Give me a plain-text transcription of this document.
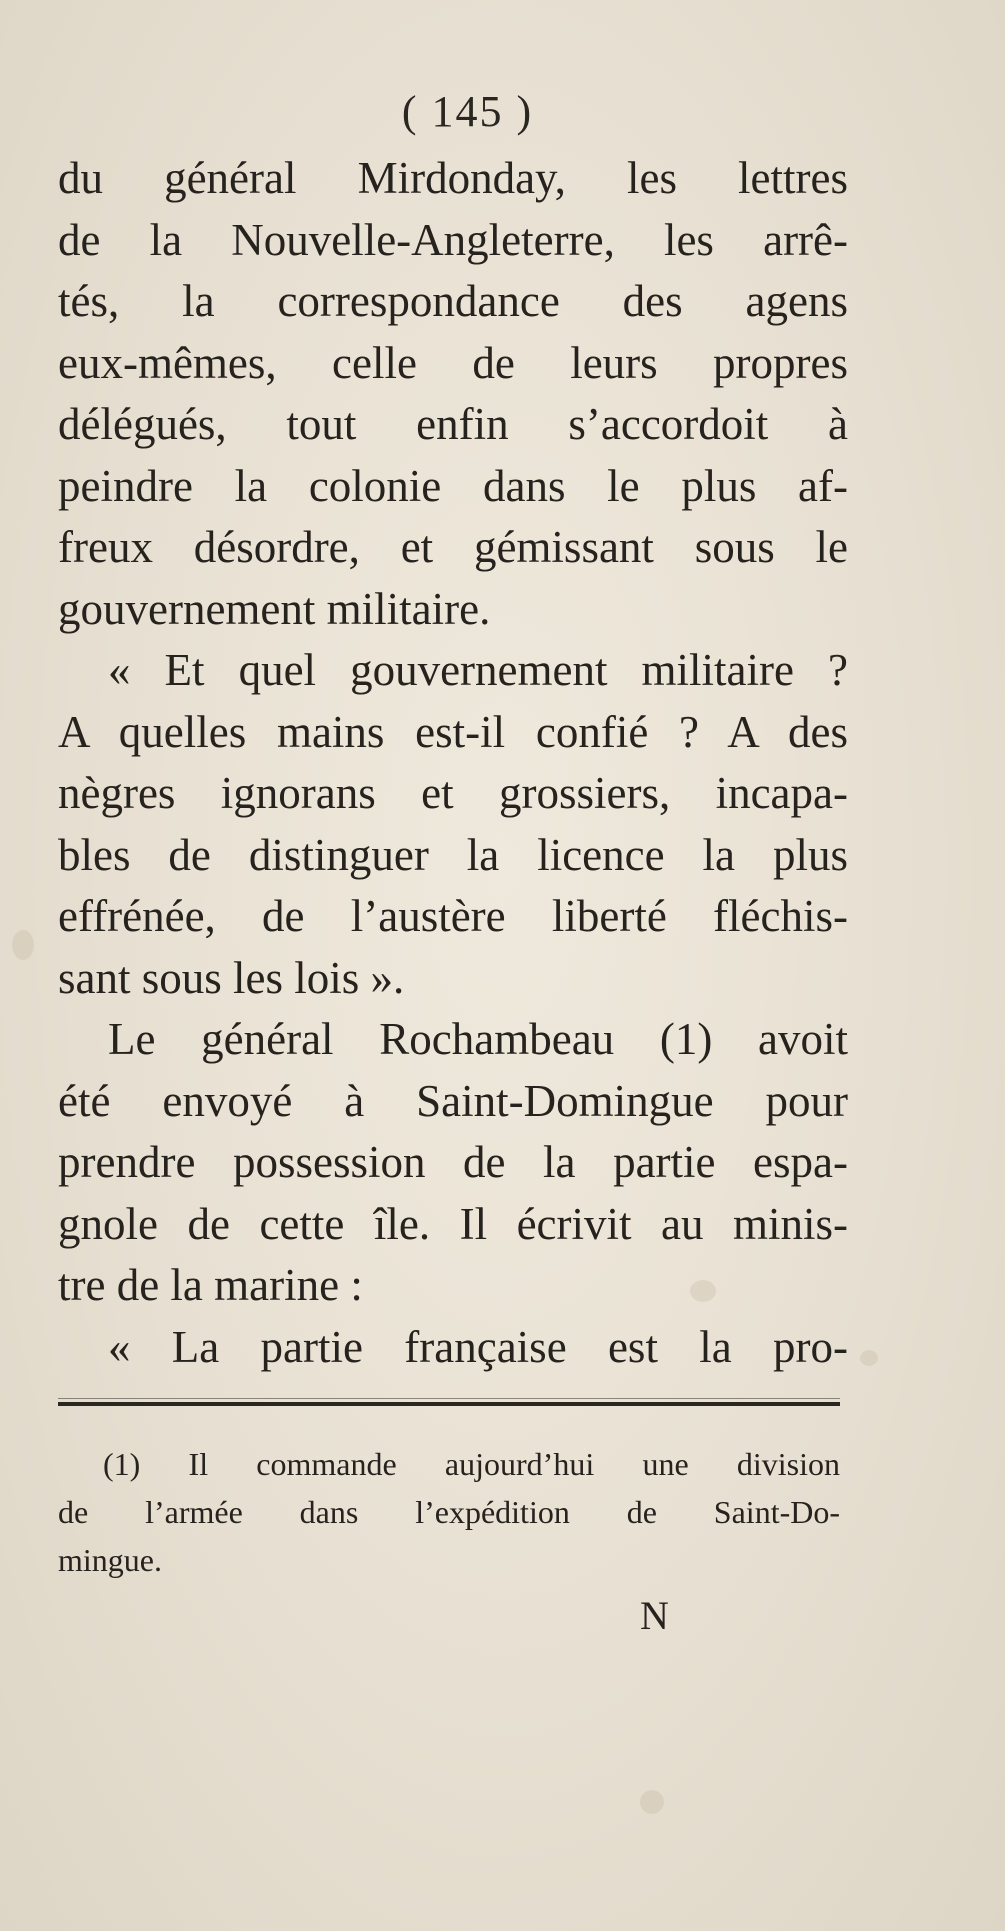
( 145 )
du général Mirdonday, les lettres
de la Nouvelle-Angleterre, les arrê-
tés, la correspondance des agens
eux-mêmes, celle de leurs propres
délégués, tout enfin s’accordoit à
peindre la colonie dans le plus af-
freux désordre, et gémissant sous le
gouvernement militaire.
« Et quel gouvernement militaire ?
A quelles mains est-il confié ? A des
nègres ignorans et grossiers, incapa-
bles de distinguer la licence la plus
effrénée, de l’austère liberté fléchis-
sant sous les lois ».
Le général Rochambeau (1) avoit
été envoyé à Saint-Domingue pour
prendre possession de la partie espa-
gnole de cette île. Il écrivit au minis-
tre de la marine :
« La partie française est la pro-
(1) Il commande aujourd’hui une division
de l’armée dans l’expédition de Saint-Do-
mingue.
N
